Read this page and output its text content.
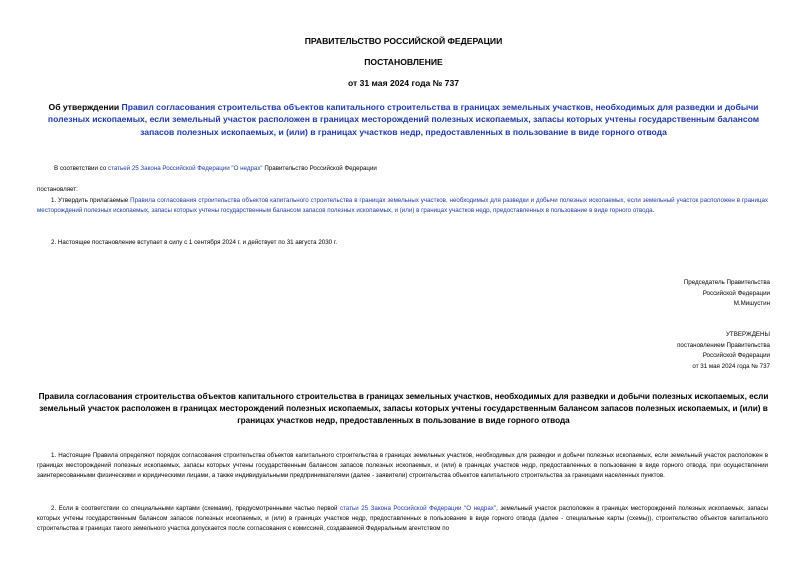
ПРАВИТЕЛЬСТВО РОССИЙСКОЙ ФЕДЕРАЦИИ
ПОСТАНОВЛЕНИЕ
от 31 мая 2024 года № 737
Об утверждении Правил согласования строительства объектов капитального строительства в границах земельных участков, необходимых для разведки и добычи полезных ископаемых, если земельный участок расположен в границах месторождений полезных ископаемых, запасы которых учтены государственным балансом запасов полезных ископаемых, и (или) в границах участков недр, предоставленных в пользование в виде горного отвода
В соответствии со статьей 25 Закона Российской Федерации "О недрах" Правительство Российской Федерации
постановляет:
1. Утвердить прилагаемые Правила согласования строительства объектов капитального строительства в границах земельных участков, необходимых для разведки и добычи полезных ископаемых, если земельный участок расположен в границах месторождений полезных ископаемых, запасы которых учтены государственным балансом запасов полезных ископаемых, и (или) в границах участков недр, предоставленных в пользование в виде горного отвода.
2. Настоящее постановление вступает в силу с 1 сентября 2024 г. и действует по 31 августа 2030 г.
Председатель Правительства
Российской Федерации
М.Мишустин
УТВЕРЖДЕНЫ
постановлением Правительства
Российской Федерации
от 31 мая 2024 года № 737
Правила согласования строительства объектов капитального строительства в границах земельных участков, необходимых для разведки и добычи полезных ископаемых, если земельный участок расположен в границах месторождений полезных ископаемых, запасы которых учтены государственным балансом запасов полезных ископаемых, и (или) в границах участков недр, предоставленных в пользование в виде горного отвода
1. Настоящие Правила определяют порядок согласования строительства объектов капитального строительства в границах земельных участков, необходимых для разведки и добычи полезных ископаемых, если земельный участок расположен в границах месторождений полезных ископаемых, запасы которых учтены государственным балансом запасов полезных ископаемых, и (или) в границах участков недр, предоставленных в пользование в виде горного отвода, при осуществлении заинтересованными физическими и юридическими лицами, а также индивидуальными предпринимателями (далее - заявители) строительства объектов капитального строительства за границами населенных пунктов.
2. Если в соответствии со специальными картами (схемами), предусмотренными частью первой статьи 25 Закона Российской Федерации "О недрах", земельный участок расположен в границах месторождений полезных ископаемых, запасы которых учтены государственным балансом запасов полезных ископаемых, и (или) в границах участков недр, предоставленных в пользование в виде горного отвода (далее - специальные карты (схемы)), строительство объектов капитального строительства в границах такого земельного участка допускается после согласования с комиссией, создаваемой Федеральным агентством по
